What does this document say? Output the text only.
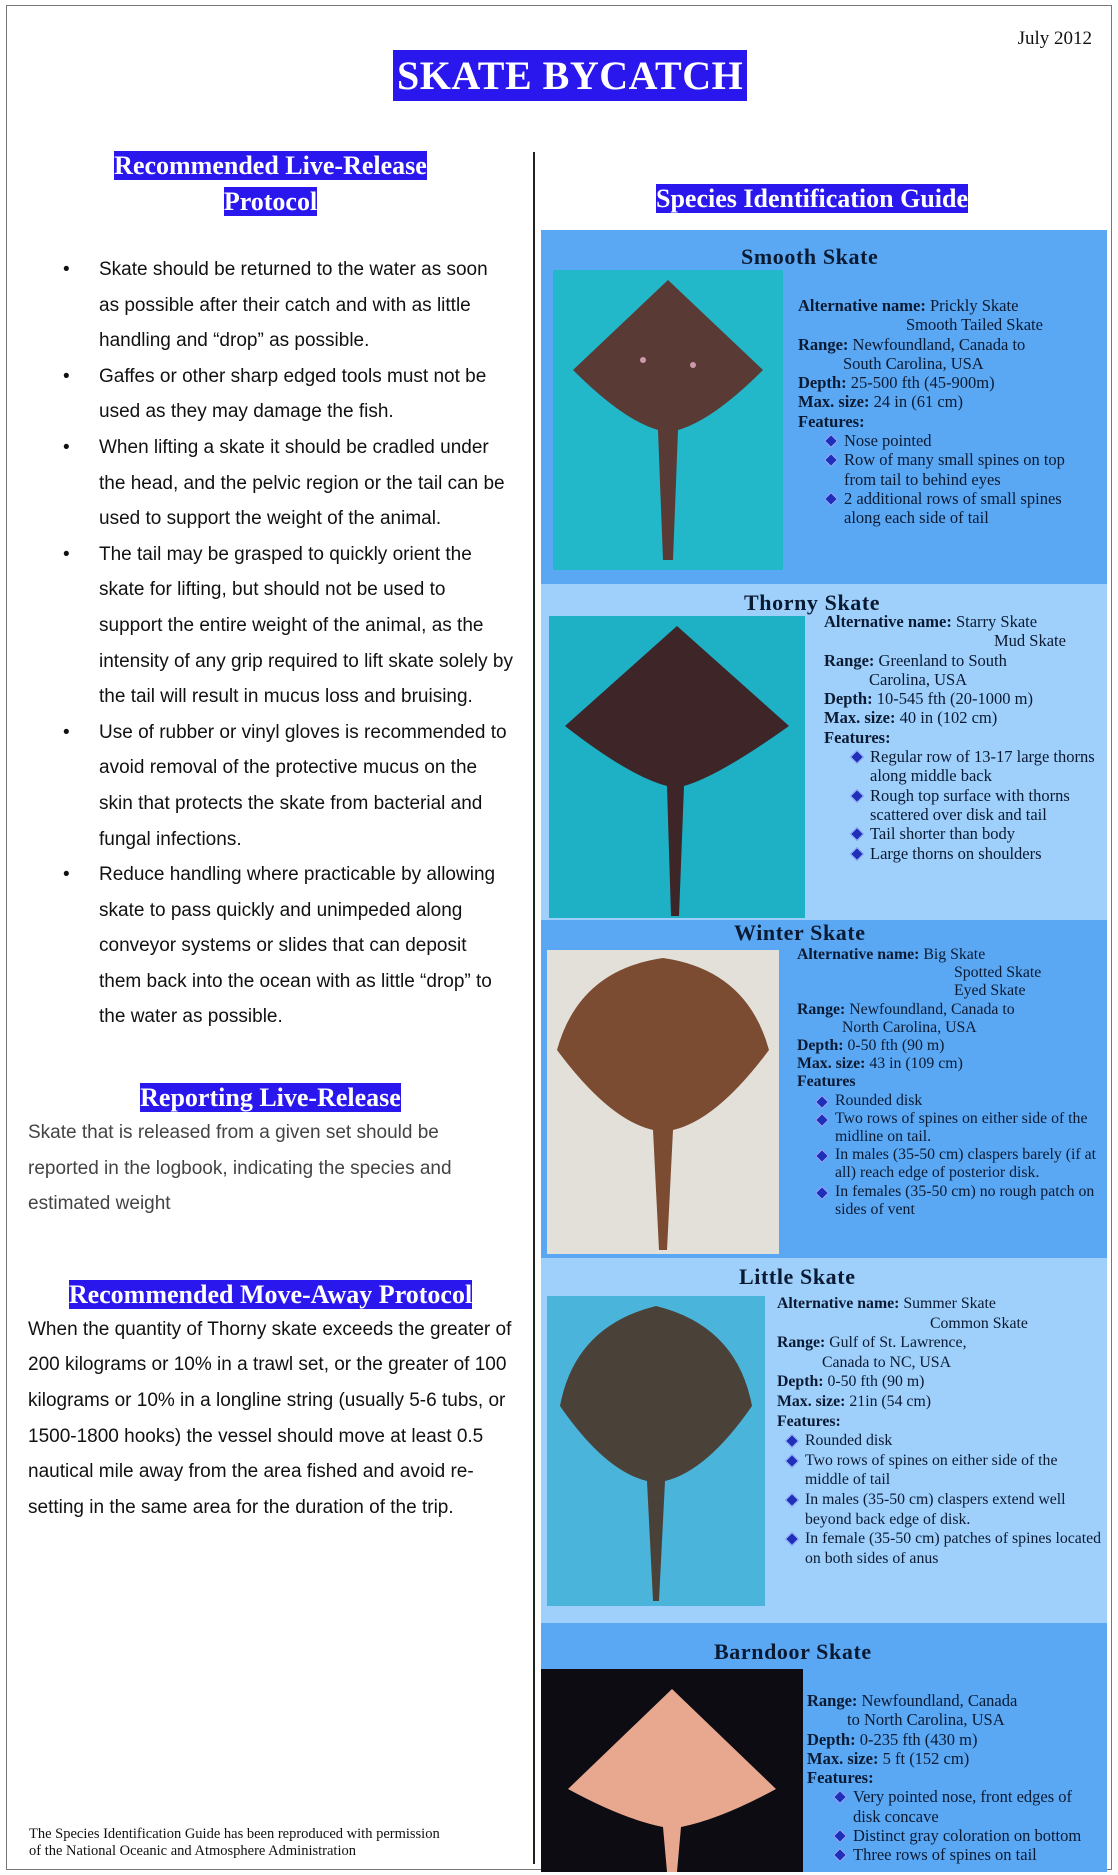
July 2012
SKATE BYCATCH
Recommended Live-Release
Protocol
• Skate should be returned to the water as soon as possible after their catch and with as little handling and “drop” as possible.
• Gaffes or other sharp edged tools must not be used as they may damage the fish.
• When lifting a skate it should be cradled under the head, and the pelvic region or the tail can be used to support the weight of the animal.
• The tail may be grasped to quickly orient the skate for lifting, but should not be used to support the entire weight of the animal, as the intensity of any grip required to lift skate solely by the tail will result in mucus loss and bruising.
• Use of rubber or vinyl gloves is recommended to avoid removal of the protective mucus on the skin that protects the skate from bacterial and fungal infections.
• Reduce handling where practicable by allowing skate to pass quickly and unimpeded along conveyor systems or slides that can deposit them back into the ocean with as little “drop” to the water as possible.
Reporting Live-Release
Skate that is released from a given set should be reported in the logbook, indicating the species and estimated weight
Recommended Move-Away Protocol
When the quantity of Thorny skate exceeds the greater of 200 kilograms or 10% in a trawl set, or the greater of 100 kilograms or 10% in a longline string (usually 5-6 tubs, or 1500-1800 hooks) the vessel should move at least 0.5 nautical mile away from the area fished and avoid re-setting in the same area for the duration of the trip.
The Species Identification Guide has been reproduced with permission
of the National Oceanic and Atmosphere Administration
Species Identification Guide
Smooth Skate
Alternative name: Prickly Skate
Smooth Tailed Skate
Range: Newfoundland, Canada to
South Carolina, USA
Depth: 25-500 fth (45-900m)
Max. size: 24 in (61 cm)
Features:
Nose pointed
Row of many small spines on top from tail to behind eyes
2 additional rows of small spines along each side of tail
Thorny Skate
Alternative name: Starry Skate
Mud Skate
Range: Greenland to South
Carolina, USA
Depth: 10-545 fth (20-1000 m)
Max. size: 40 in (102 cm)
Features:
Regular row of 13-17 large thorns along middle back
Rough top surface with thorns scattered over disk and tail
Tail shorter than body
Large thorns on shoulders
Winter Skate
Alternative name: Big Skate
Spotted Skate
Eyed Skate
Range: Newfoundland, Canada to
North Carolina, USA
Depth: 0-50 fth (90 m)
Max. size: 43 in (109 cm)
Features
Rounded disk
Two rows of spines on either side of the midline on tail.
In males (35-50 cm) claspers barely (if at all) reach edge of posterior disk.
In females (35-50 cm) no rough patch on sides of vent
Little Skate
Alternative name: Summer Skate
Common Skate
Range: Gulf of St. Lawrence,
Canada to NC, USA
Depth: 0-50 fth (90 m)
Max. size: 21in (54 cm)
Features:
Rounded disk
Two rows of spines on either side of the middle of tail
In males (35-50 cm) claspers extend well beyond back edge of disk.
In female (35-50 cm) patches of spines located on both sides of anus
Barndoor Skate
Range: Newfoundland, Canada
to North Carolina, USA
Depth: 0-235 fth (430 m)
Max. size: 5 ft (152 cm)
Features:
Very pointed nose, front edges of disk concave
Distinct gray coloration on bottom
Three rows of spines on tail
